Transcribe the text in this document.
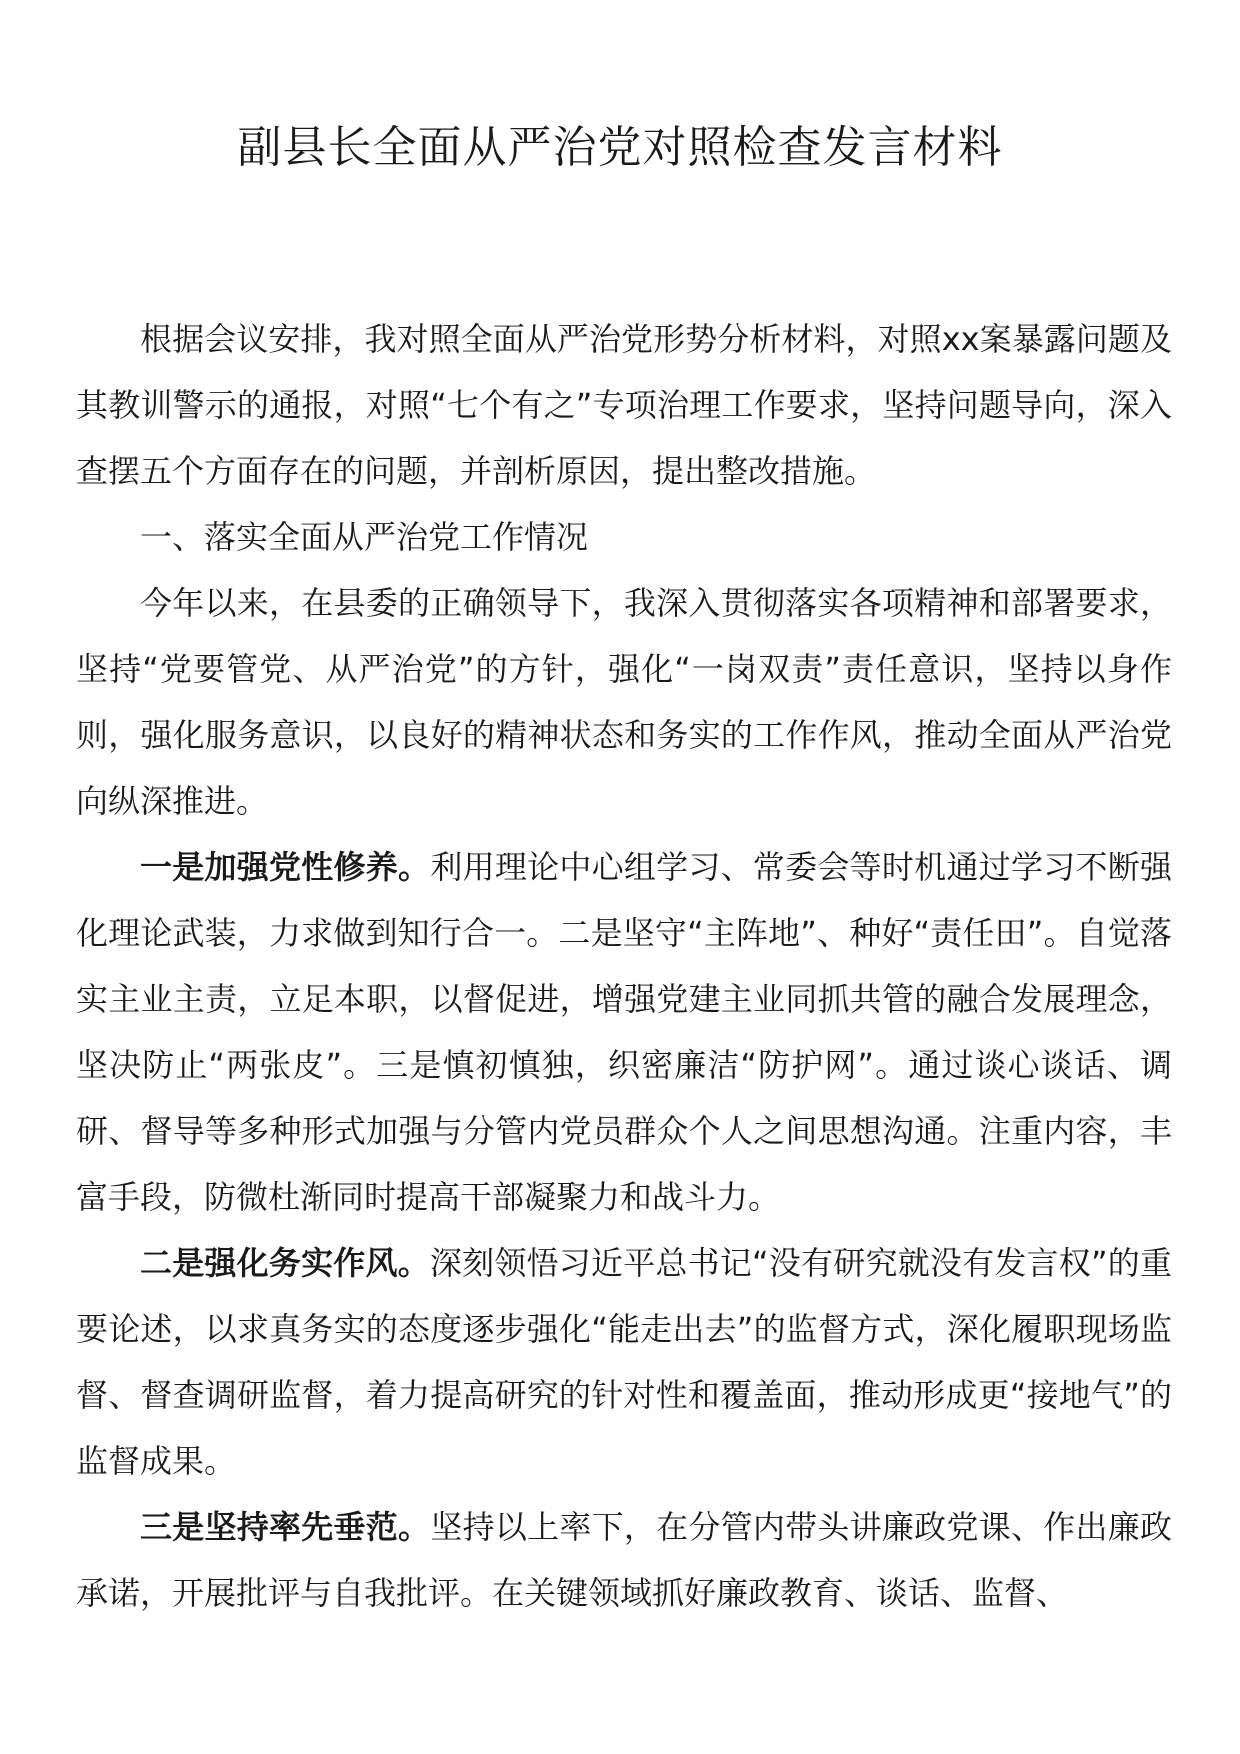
副县长全面从严治党对照检查发言材料

根据会议安排，我对照全面从严治党形势分析材料，对照xx案暴露问题及其教训警示的通报，对照“七个有之”专项治理工作要求，坚持问题导向，深入查摆五个方面存在的问题，并剖析原因，提出整改措施。

一、落实全面从严治党工作情况

今年以来，在县委的正确领导下，我深入贯彻落实各项精神和部署要求，坚持“党要管党、从严治党”的方针，强化“一岗双责”责任意识，坚持以身作则，强化服务意识，以良好的精神状态和务实的工作作风，推动全面从严治党向纵深推进。

一是加强党性修养。利用理论中心组学习、常委会等时机通过学习不断强化理论武装，力求做到知行合一。二是坚守“主阵地”、种好“责任田”。自觉落实主业主责，立足本职，以督促进，增强党建主业同抓共管的融合发展理念，坚决防止“两张皮”。三是慎初慎独，织密廉洁“防护网”。通过谈心谈话、调研、督导等多种形式加强与分管内党员群众个人之间思想沟通。注重内容，丰富手段，防微杜渐同时提高干部凝聚力和战斗力。

二是强化务实作风。深刻领悟习近平总书记“没有研究就没有发言权”的重要论述，以求真务实的态度逐步强化“能走出去”的监督方式，深化履职现场监督、督查调研监督，着力提高研究的针对性和覆盖面，推动形成更“接地气”的监督成果。

三是坚持率先垂范。坚持以上率下，在分管内带头讲廉政党课、作出廉政承诺，开展批评与自我批评。在关键领域抓好廉政教育、谈话、监督、
